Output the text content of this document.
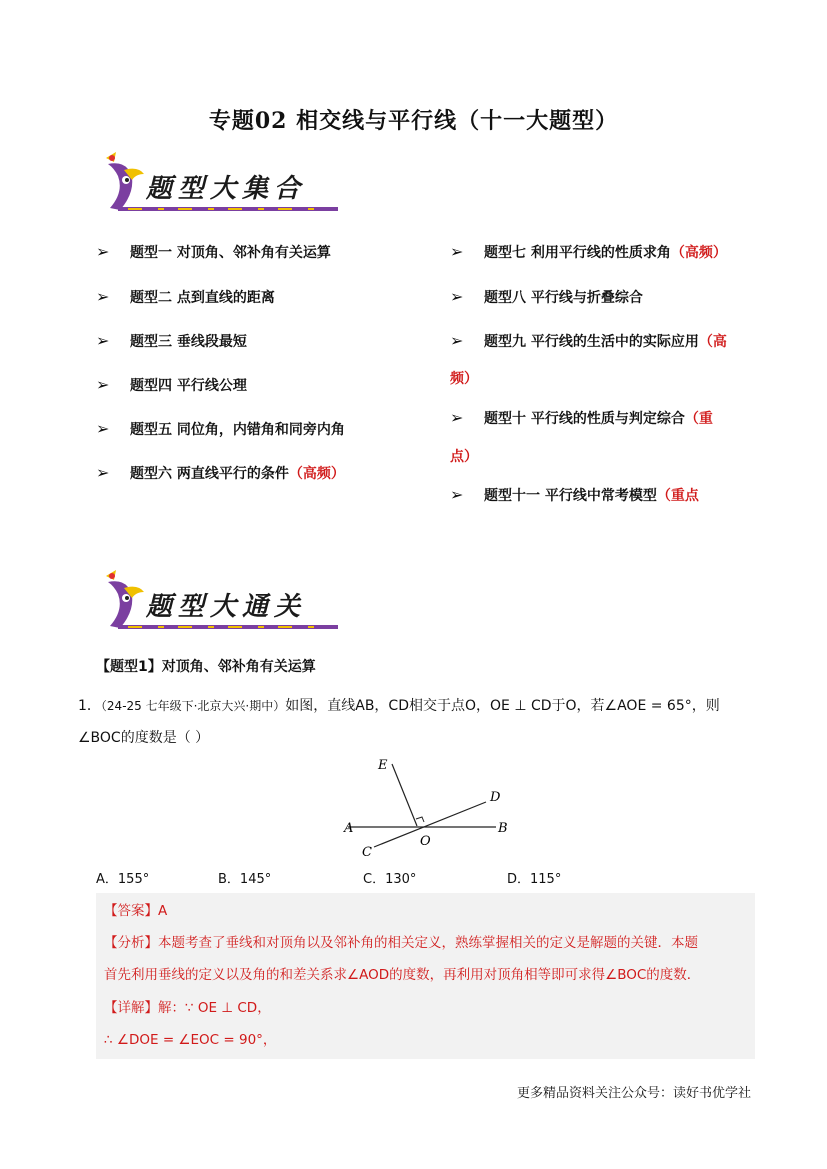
专题02 相交线与平行线（十一大题型）
题型大集合
➢ 题型一 对顶角、邻补角有关运算
➢ 题型二 点到直线的距离
➢ 题型三 垂线段最短
➢ 题型四 平行线公理
➢ 题型五 同位角，内错角和同旁内角
➢ 题型六 两直线平行的条件（高频）
➢ 题型七 利用平行线的性质求角（高频）
➢ 题型八 平行线与折叠综合
➢ 题型九 平行线的生活中的实际应用（高
频）
➢ 题型十 平行线的性质与判定综合（重
点）
➢ 题型十一 平行线中常考模型（重点
题型大通关
【题型1】对顶角、邻补角有关运算
1．（24-25 七年级下·北京大兴·期中）如图，直线AB，CD相交于点O，OE ⊥ CD于O，若∠AOE = 65°，则
∠BOC的度数是（ ）
E
D
A	B
C
O
A．155°	B．145°	C．130°	D．115°
【答案】A
【分析】本题考查了垂线和对顶角以及邻补角的相关定义，熟练掌握相关的定义是解题的关键．本题
首先利用垂线的定义以及角的和差关系求∠AOD的度数，再利用对顶角相等即可求得∠BOC的度数．
【详解】解：∵ OE ⊥ CD，
∴ ∠DOE = ∠EOC = 90°，
更多精品资料关注公众号：读好书优学社
